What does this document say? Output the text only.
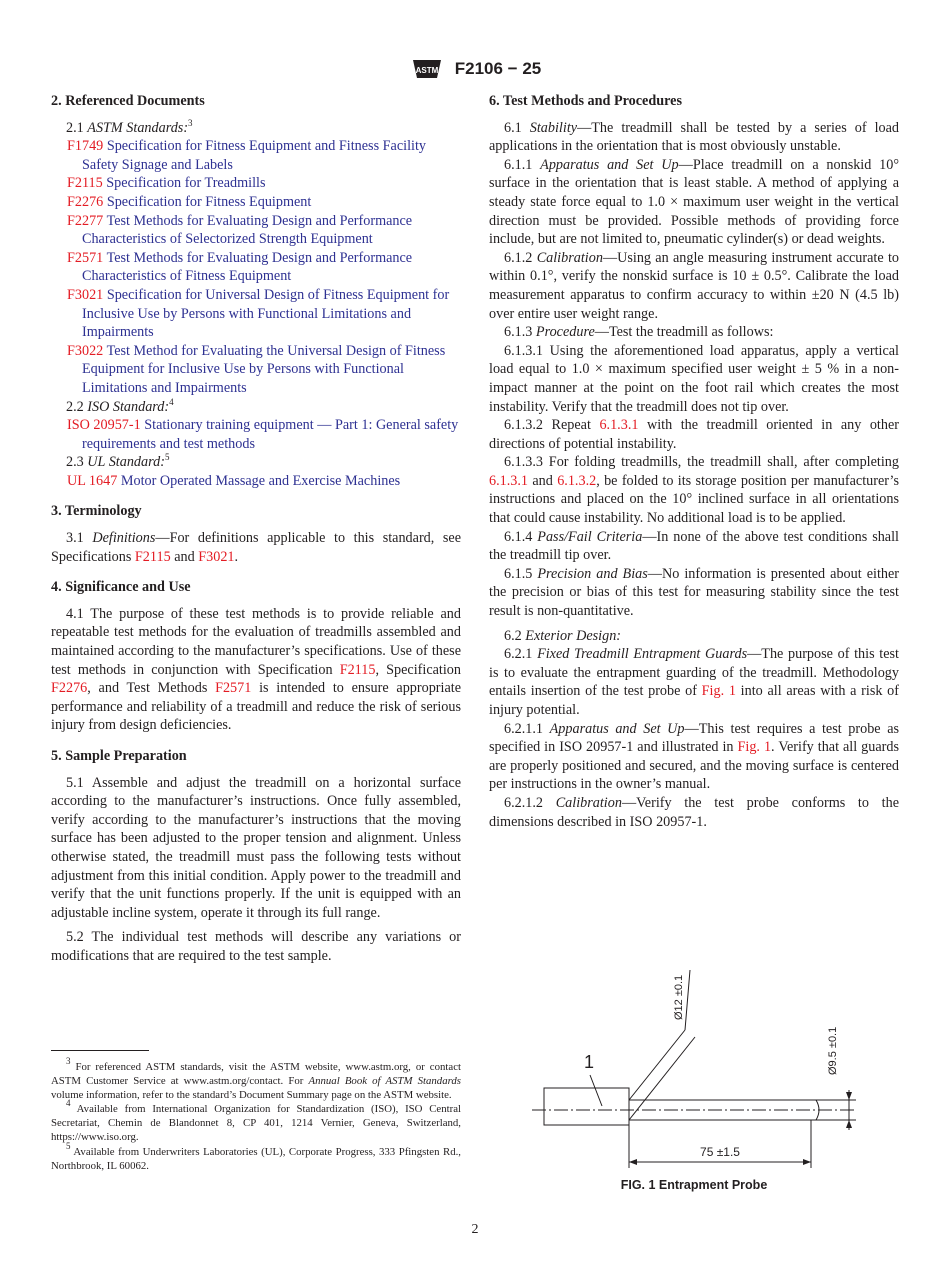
ASTM F2106 − 25

2. Referenced Documents

2.1 ASTM Standards:$^3$

F1749 Specification for Fitness Equipment and Fitness Facility Safety Signage and Labels

F2115 Specification for Treadmills

F2276 Specification for Fitness Equipment

F2277 Test Methods for Evaluating Design and Performance Characteristics of Selectorized Strength Equipment

F2571 Test Methods for Evaluating Design and Performance Characteristics of Fitness Equipment

F3021 Specification for Universal Design of Fitness Equipment for Inclusive Use by Persons with Functional Limitations and Impairments

F3022 Test Method for Evaluating the Universal Design of Fitness Equipment for Inclusive Use by Persons with Functional Limitations and Impairments

2.2 ISO Standard:$^4$

ISO 20957-1 Stationary training equipment — Part 1: General safety requirements and test methods

2.3 UL Standard:$^5$

UL 1647 Motor Operated Massage and Exercise Machines

3. Terminology

3.1 Definitions—For definitions applicable to this standard, see Specifications F2115 and F3021.

4. Significance and Use

4.1 The purpose of these test methods is to provide reliable and repeatable test methods for the evaluation of treadmills assembled and maintained according to the manufacturer’s specifications. Use of these test methods in conjunction with Specification F2115, Specification F2276, and Test Methods F2571 is intended to ensure appropriate performance and reliability of a treadmill and reduce the risk of serious injury from design deficiencies.

5. Sample Preparation

5.1 Assemble and adjust the treadmill on a horizontal surface according to the manufacturer’s instructions. Once fully assembled, verify according to the manufacturer’s instructions that the moving surface has been adjusted to the proper tension and alignment. Unless otherwise stated, the treadmill must pass the following tests without adjustment from this initial condition. Apply power to the treadmill and verify that the unit functions properly. If the unit is equipped with an adjustable incline system, operate it through its full range.

5.2 The individual test methods will describe any variations or modifications that are required to the test sample.

$^3$ For referenced ASTM standards, visit the ASTM website, www.astm.org, or contact ASTM Customer Service at www.astm.org/contact. For Annual Book of ASTM Standards volume information, refer to the standard’s Document Summary page on the ASTM website.

$^4$ Available from International Organization for Standardization (ISO), ISO Central Secretariat, Chemin de Blandonnet 8, CP 401, 1214 Vernier, Geneva, Switzerland, https://www.iso.org.

$^5$ Available from Underwriters Laboratories (UL), Corporate Progress, 333 Pfingsten Rd., Northbrook, IL 60062.

6. Test Methods and Procedures

6.1 Stability—The treadmill shall be tested by a series of load applications in the orientation that is most obviously unstable.

6.1.1 Apparatus and Set Up—Place treadmill on a nonskid 10° surface in the orientation that is least stable. A method of applying a steady state force equal to 1.0 × maximum user weight in the vertical direction must be provided. Possible methods of providing force include, but are not limited to, pneumatic cylinder(s) or dead weights.

6.1.2 Calibration—Using an angle measuring instrument accurate to within 0.1°, verify the nonskid surface is 10 ± 0.5°. Calibrate the load measurement apparatus to confirm accuracy to within ±20 N (4.5 lb) over entire user weight range.

6.1.3 Procedure—Test the treadmill as follows:

6.1.3.1 Using the aforementioned load apparatus, apply a vertical load equal to 1.0 × maximum specified user weight ± 5 % in a non-impact manner at the point on the foot rail which creates the most instability. Verify that the treadmill does not tip over.

6.1.3.2 Repeat 6.1.3.1 with the treadmill oriented in any other directions of potential instability.

6.1.3.3 For folding treadmills, the treadmill shall, after completing 6.1.3.1 and 6.1.3.2, be folded to its storage position per manufacturer’s instructions and placed on the 10° inclined surface in all orientations that could cause instability. No additional load is to be applied.

6.1.4 Pass/Fail Criteria—In none of the above test conditions shall the treadmill tip over.

6.1.5 Precision and Bias—No information is presented about either the precision or bias of this test for measuring stability since the test result is non-quantitative.

6.2 Exterior Design:

6.2.1 Fixed Treadmill Entrapment Guards—The purpose of this test is to evaluate the entrapment guarding of the treadmill. Methodology entails insertion of the test probe of Fig. 1 into all areas with a risk of injury potential.

6.2.1.1 Apparatus and Set Up—This test requires a test probe as specified in ISO 20957-1 and illustrated in Fig. 1. Verify that all guards are properly positioned and secured, and the moving surface is centered per instructions in the owner’s manual.

6.2.1.2 Calibration—Verify the test probe conforms to the dimensions described in ISO 20957-1.

1
Ø12 ±0.1
Ø9.5 ±0.1
75 ±1.5
FIG. 1 Entrapment Probe
2
